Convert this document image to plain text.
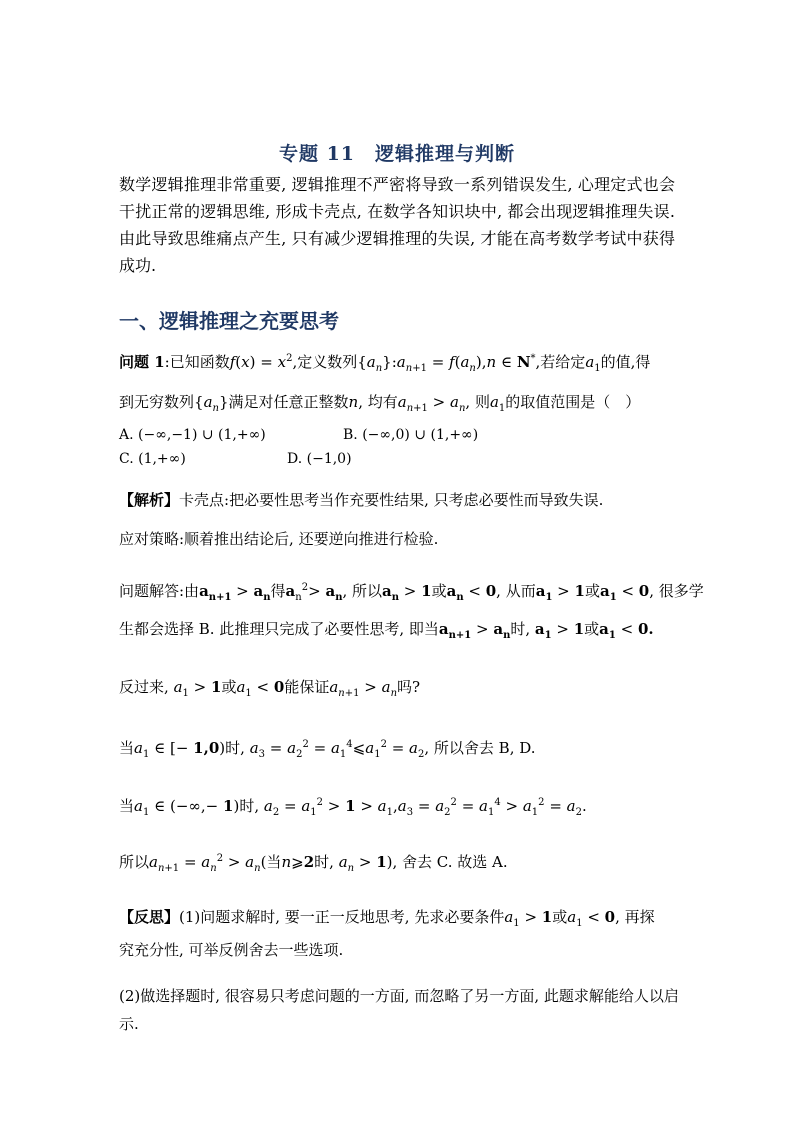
专题 11　逻辑推理与判断
数学逻辑推理非常重要, 逻辑推理不严密将导致一系列错误发生, 心理定式也会干扰正常的逻辑思维, 形成卡壳点, 在数学各知识块中, 都会出现逻辑推理失误.由此导致思维痛点产生, 只有减少逻辑推理的失误, 才能在高考数学考试中获得成功.
一、逻辑推理之充要思考
问题 1:已知函数$f(x) = x^2$,定义数列$\{a_n\}:a_{n+1} = f(a_n),n$ ∈ N*,若给定$a_1$的值,得
到无穷数列$\{a_n\}$满足对任意正整数n, 均有$a_{n+1} > a_n$, 则$a_1$的取值范围是（　）
A. (−∞,−1) ∪ (1,+∞)	B. (−∞,0) ∪ (1,+∞)
C. (1,+∞)	D. (−1,0)
【解析】卡壳点:把必要性思考当作充要性结果, 只考虑必要性而导致失误.
应对策略:顺着推出结论后, 还要逆向推进行检验.
问题解答:由$a_{n+1} > a_n$得$a_n^2> a_n$, 所以$a_n > 1$或$a_n < 0$, 从而$a_1 > 1$或$a_1 < 0$, 很多学
生都会选择 B. 此推理只完成了必要性思考, 即当$a_{n+1} > a_n$时, $a_1 > 1$或$a_1 < 0$.
反过来, $a_1 > 1$或$a_1 < 0$能保证$a_{n+1} > a_n$吗?
当$a_1$ ∈ [− 1,0)时, $a_3 = a_2^2$ = $a_1^4⩽a_1^2 = a_2$, 所以舍去 B, D.
当$a_1$ ∈ (−∞,− 1)时, $a_2 = a_1^2 > 1 > a_1,a_3 = a_2^2 = a_1^4 > a_1^2 = a_2$.
所以$a_{n+1} = a_n^2 > a_n$(当n⩾2时, $a_n > 1$), 舍去 C. 故选 A.
【反思】(1)问题求解时, 要一正一反地思考, 先求必要条件$a_1 > 1$或$a_1 < 0$, 再探
究充分性, 可举反例舍去一些选项.
(2)做选择题时, 很容易只考虑问题的一方面, 而忽略了另一方面, 此题求解能给人以启示.
